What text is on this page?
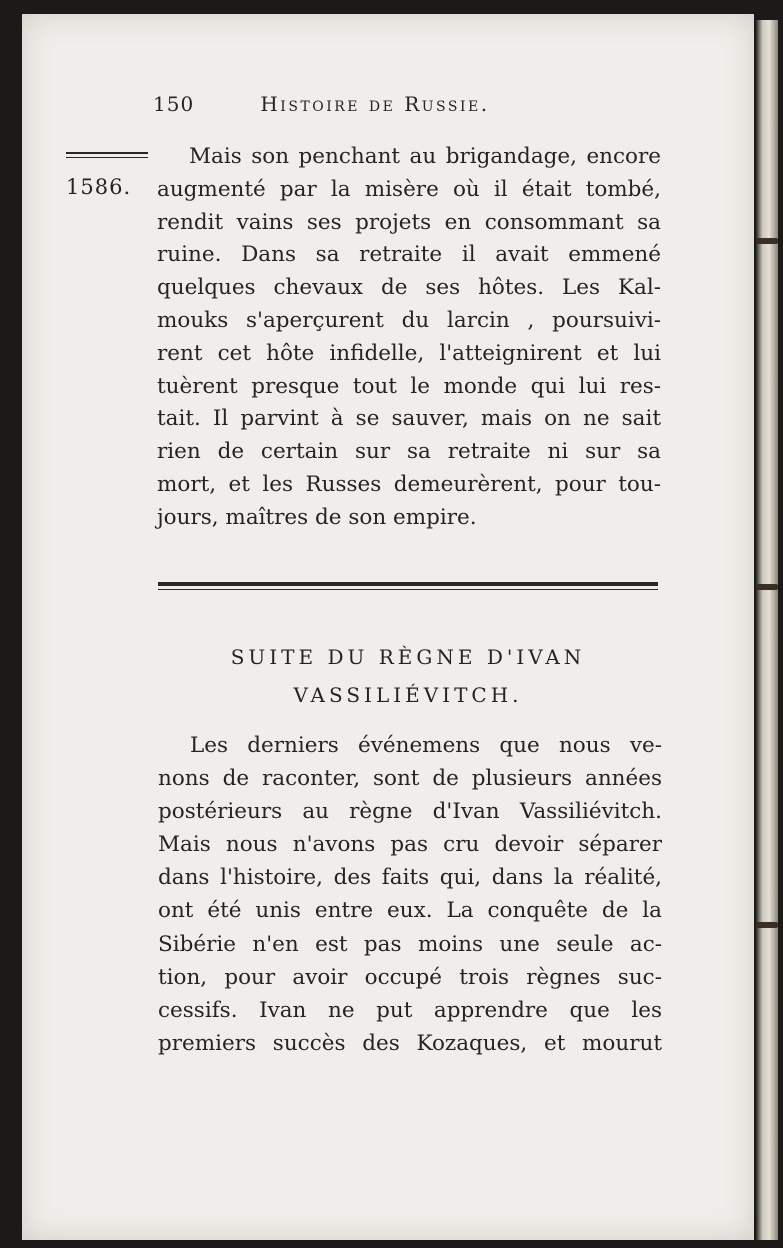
150	Histoire de Russie.
1586.
Mais son penchant au brigandage, encore
augmenté par la misère où il était tombé,
rendit vains ses projets en consommant sa
ruine. Dans sa retraite il avait emmené
quelques chevaux de ses hôtes. Les Kal-
mouks s'aperçurent du larcin , poursuivi-
rent cet hôte infidelle, l'atteignirent et lui
tuèrent presque tout le monde qui lui res-
tait. Il parvint à se sauver, mais on ne sait
rien de certain sur sa retraite ni sur sa
mort, et les Russes demeurèrent, pour tou-
jours, maîtres de son empire.
SUITE DU RÈGNE D'IVAN
VASSILIÉVITCH.
Les derniers événemens que nous ve-
nons de raconter, sont de plusieurs années
postérieurs au règne d'Ivan Vassiliévitch.
Mais nous n'avons pas cru devoir séparer
dans l'histoire, des faits qui, dans la réalité,
ont été unis entre eux. La conquête de la
Sibérie n'en est pas moins une seule ac-
tion, pour avoir occupé trois règnes suc-
cessifs. Ivan ne put apprendre que les
premiers succès des Kozaques, et mourut
